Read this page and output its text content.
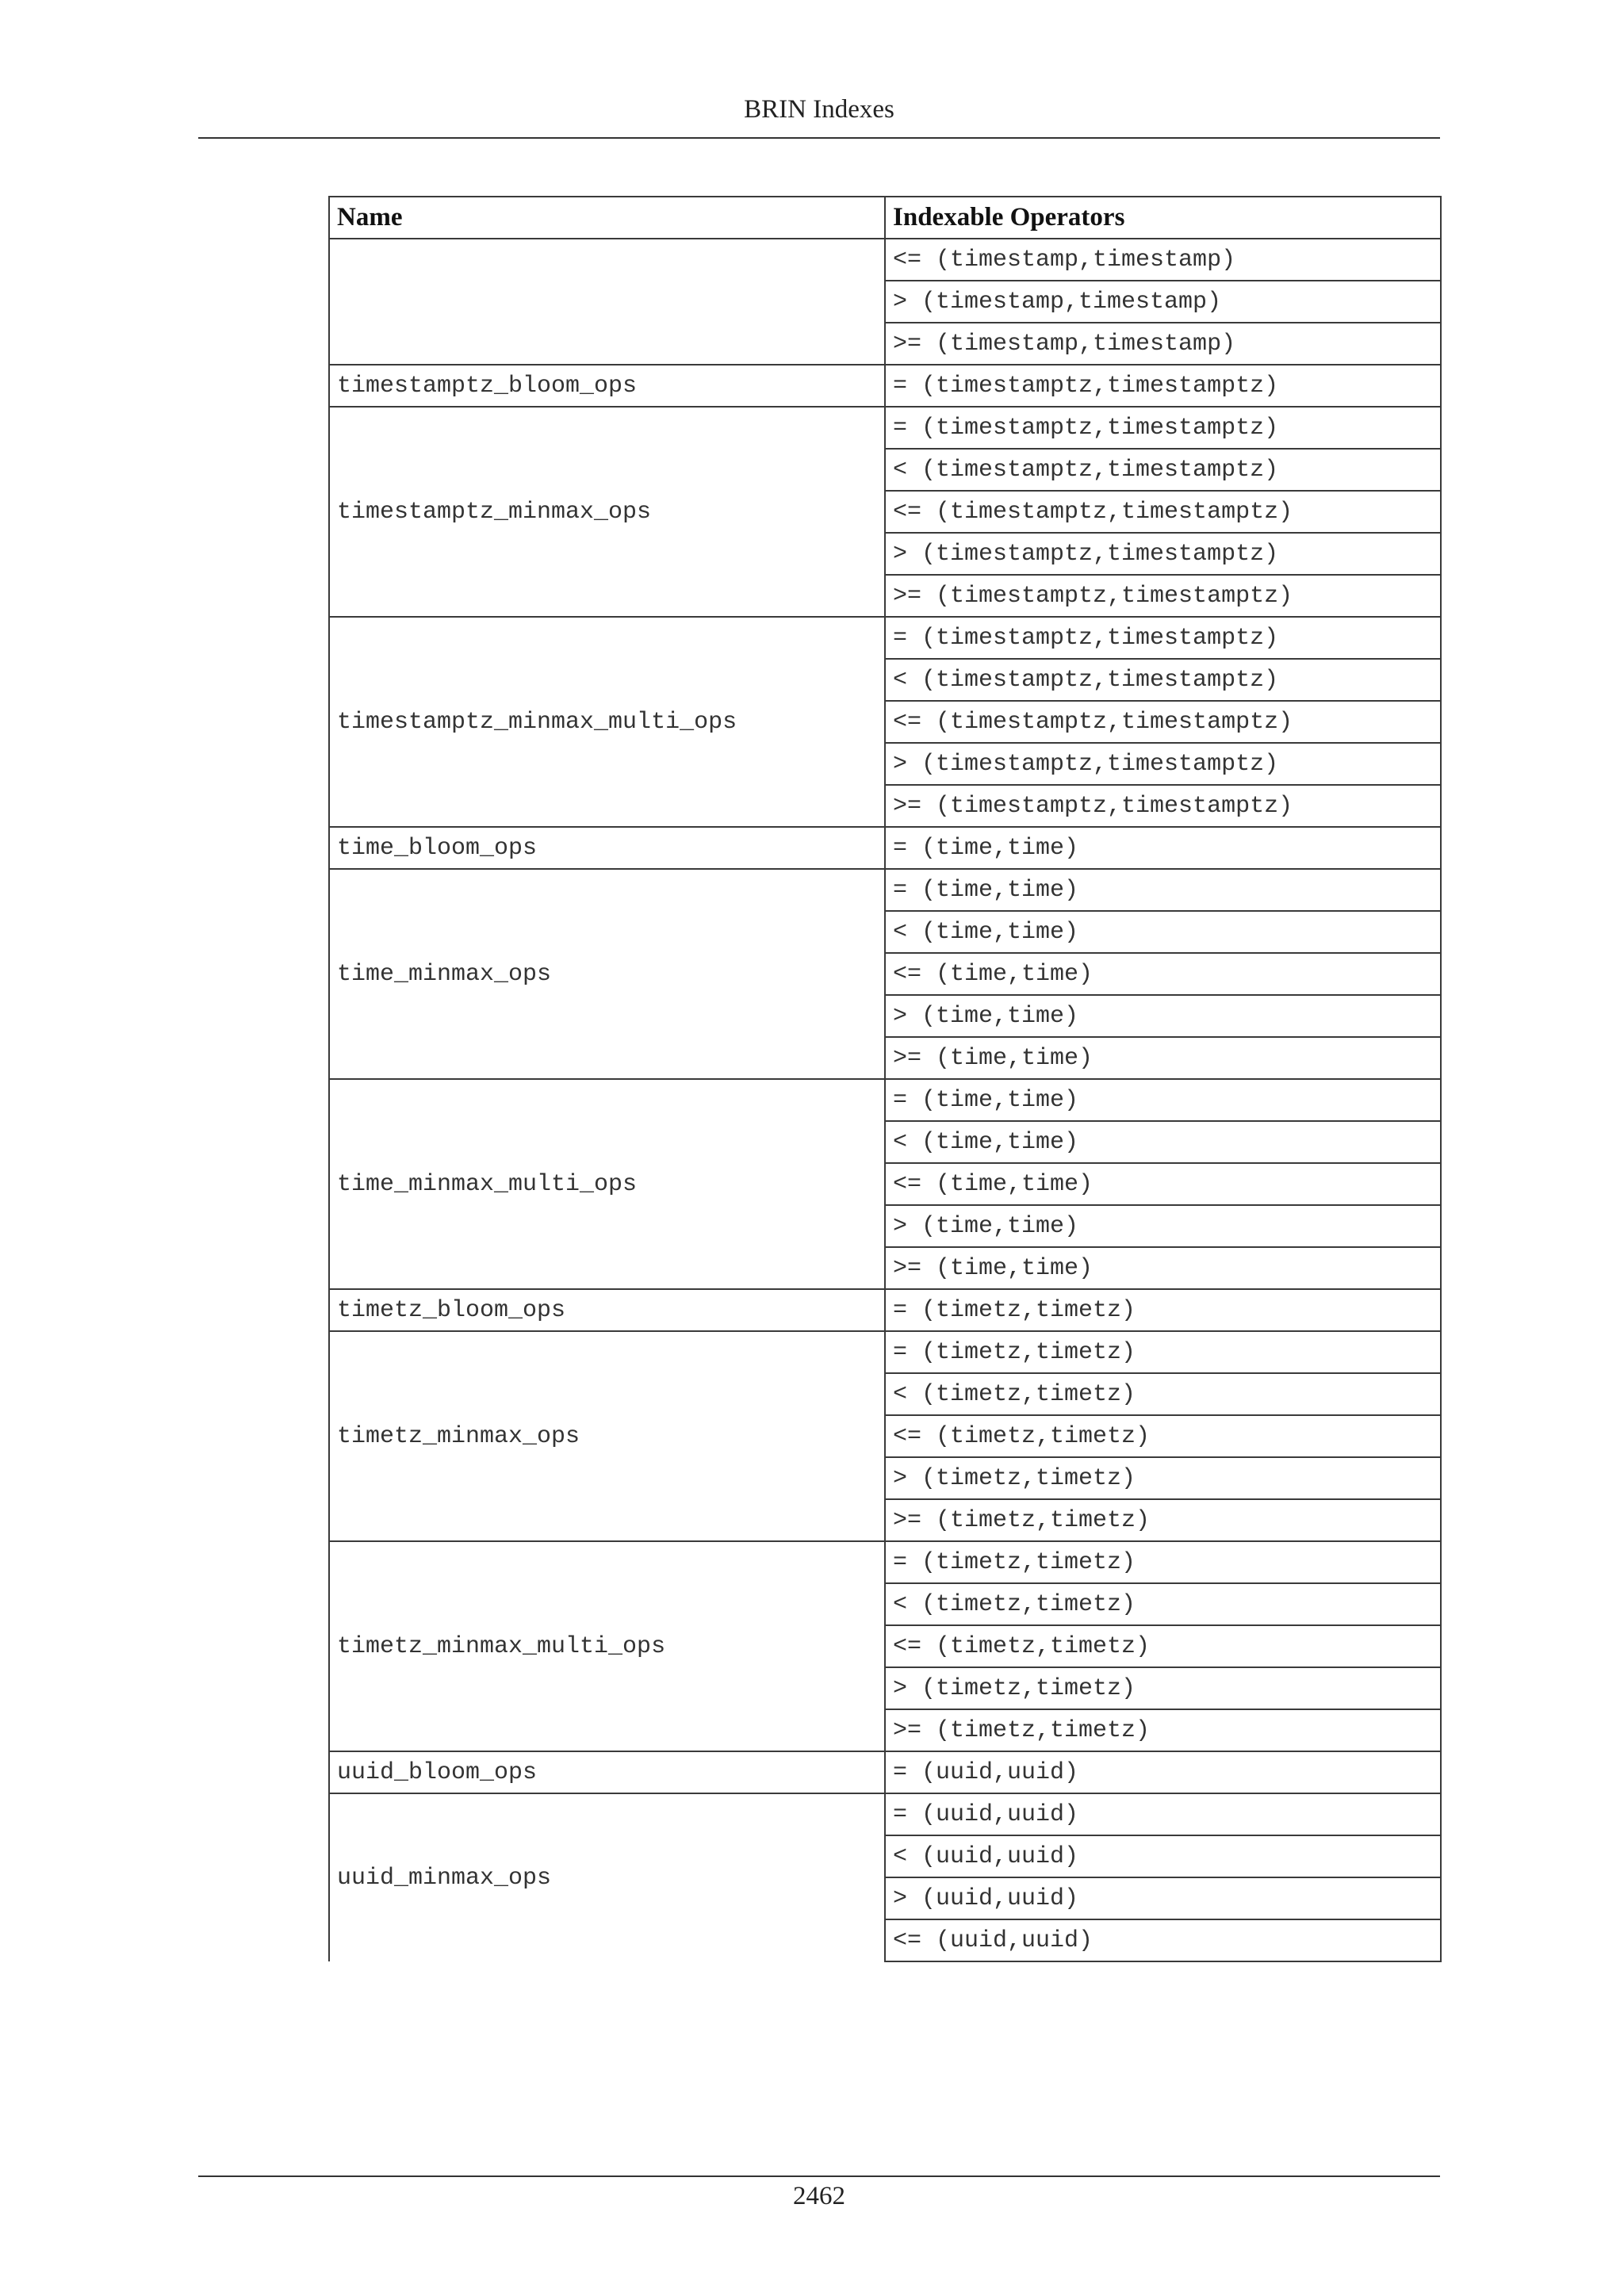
BRIN Indexes
Name	Indexable Operators
	<= (timestamp,timestamp)
	> (timestamp,timestamp)
	>= (timestamp,timestamp)
timestamptz_bloom_ops	= (timestamptz,timestamptz)
timestamptz_minmax_ops	= (timestamptz,timestamptz)
	< (timestamptz,timestamptz)
	<= (timestamptz,timestamptz)
	> (timestamptz,timestamptz)
	>= (timestamptz,timestamptz)
timestamptz_minmax_multi_ops	= (timestamptz,timestamptz)
	< (timestamptz,timestamptz)
	<= (timestamptz,timestamptz)
	> (timestamptz,timestamptz)
	>= (timestamptz,timestamptz)
time_bloom_ops	= (time,time)
time_minmax_ops	= (time,time)
	< (time,time)
	<= (time,time)
	> (time,time)
	>= (time,time)
time_minmax_multi_ops	= (time,time)
	< (time,time)
	<= (time,time)
	> (time,time)
	>= (time,time)
timetz_bloom_ops	= (timetz,timetz)
timetz_minmax_ops	= (timetz,timetz)
	< (timetz,timetz)
	<= (timetz,timetz)
	> (timetz,timetz)
	>= (timetz,timetz)
timetz_minmax_multi_ops	= (timetz,timetz)
	< (timetz,timetz)
	<= (timetz,timetz)
	> (timetz,timetz)
	>= (timetz,timetz)
uuid_bloom_ops	= (uuid,uuid)
uuid_minmax_ops	= (uuid,uuid)
	< (uuid,uuid)
	> (uuid,uuid)
	<= (uuid,uuid)
2462
